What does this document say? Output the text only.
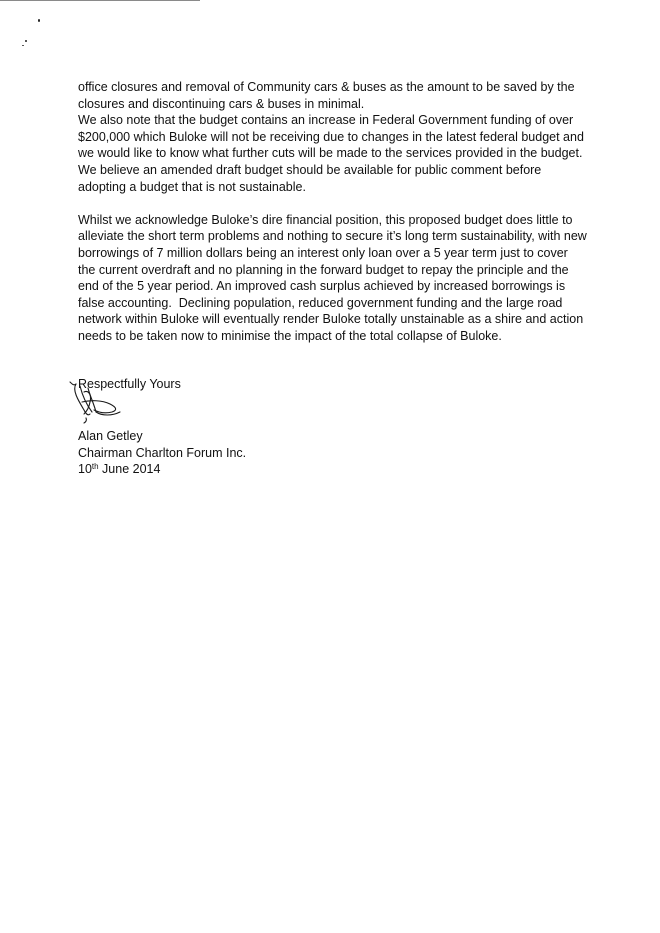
office closures and removal of Community cars & buses as the amount to be saved by the closures and discontinuing cars & buses in minimal.

We also note that the budget contains an increase in Federal Government funding of over $200,000 which Buloke will not be receiving due to changes in the latest federal budget and we would like to know what further cuts will be made to the services provided in the budget. We believe an amended draft budget should be available for public comment before adopting a budget that is not sustainable.

Whilst we acknowledge Buloke’s dire financial position, this proposed budget does little to alleviate the short term problems and nothing to secure it’s long term sustainability, with new borrowings of 7 million dollars being an interest only loan over a 5 year term just to cover the current overdraft and no planning in the forward budget to repay the principle and the end of the 5 year period. An improved cash surplus achieved by increased borrowings is false accounting.  Declining population, reduced government funding and the large road network within Buloke will eventually render Buloke totally unstainable as a shire and action needs to be taken now to minimise the impact of the total collapse of Buloke.

Respectfully Yours
Alan Getley
Chairman Charlton Forum Inc.
10th June 2014
